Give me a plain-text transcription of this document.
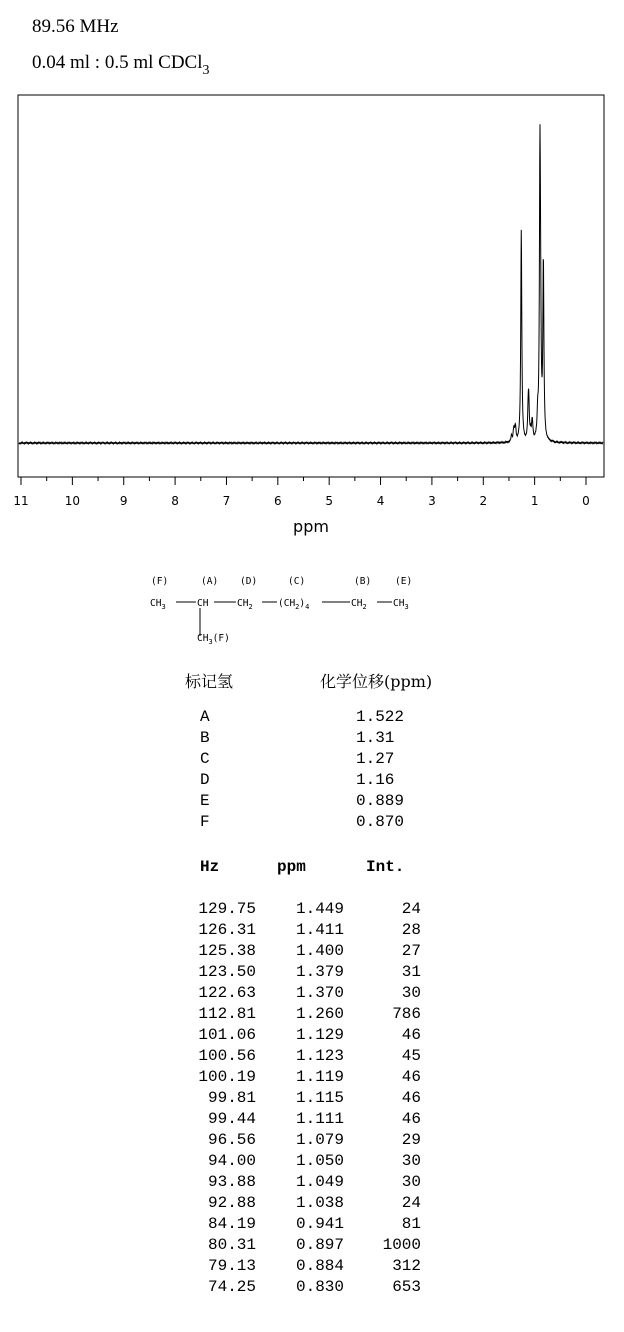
89.56 MHz
0.04 ml : 0.5 ml CDCl$_3$
11	10	9	8	7	6	5	4	3	2	1	0
ppm
(F)	(A) (D)	(C)	(B)	(E)
$CH_3$	CH	$CH_2$	$(CH_2)_4$	$CH_2$	$CH_3$
$CH_3(F)$
标记氢	化学位移(ppm)
A	1.522
B	1.31
C	1.27
D	1.16
E	0.889
F	0.870
Hz	ppm	Int.
129.75 1.449	24
126.31 1.411	28
125.38 1.400	27
123.50 1.379	31
122.63 1.370	30
112.81 1.260	786
101.06 1.129	46
100.56 1.123	45
100.19 1.119	46
99.81 1.115	46
99.44 1.111	46
96.56 1.079	29
94.00 1.050	30
93.88 1.049	30
92.88 1.038	24
84.19 0.941	81
80.31 0.897 1000
79.13 0.884	312
74.25 0.830	653
